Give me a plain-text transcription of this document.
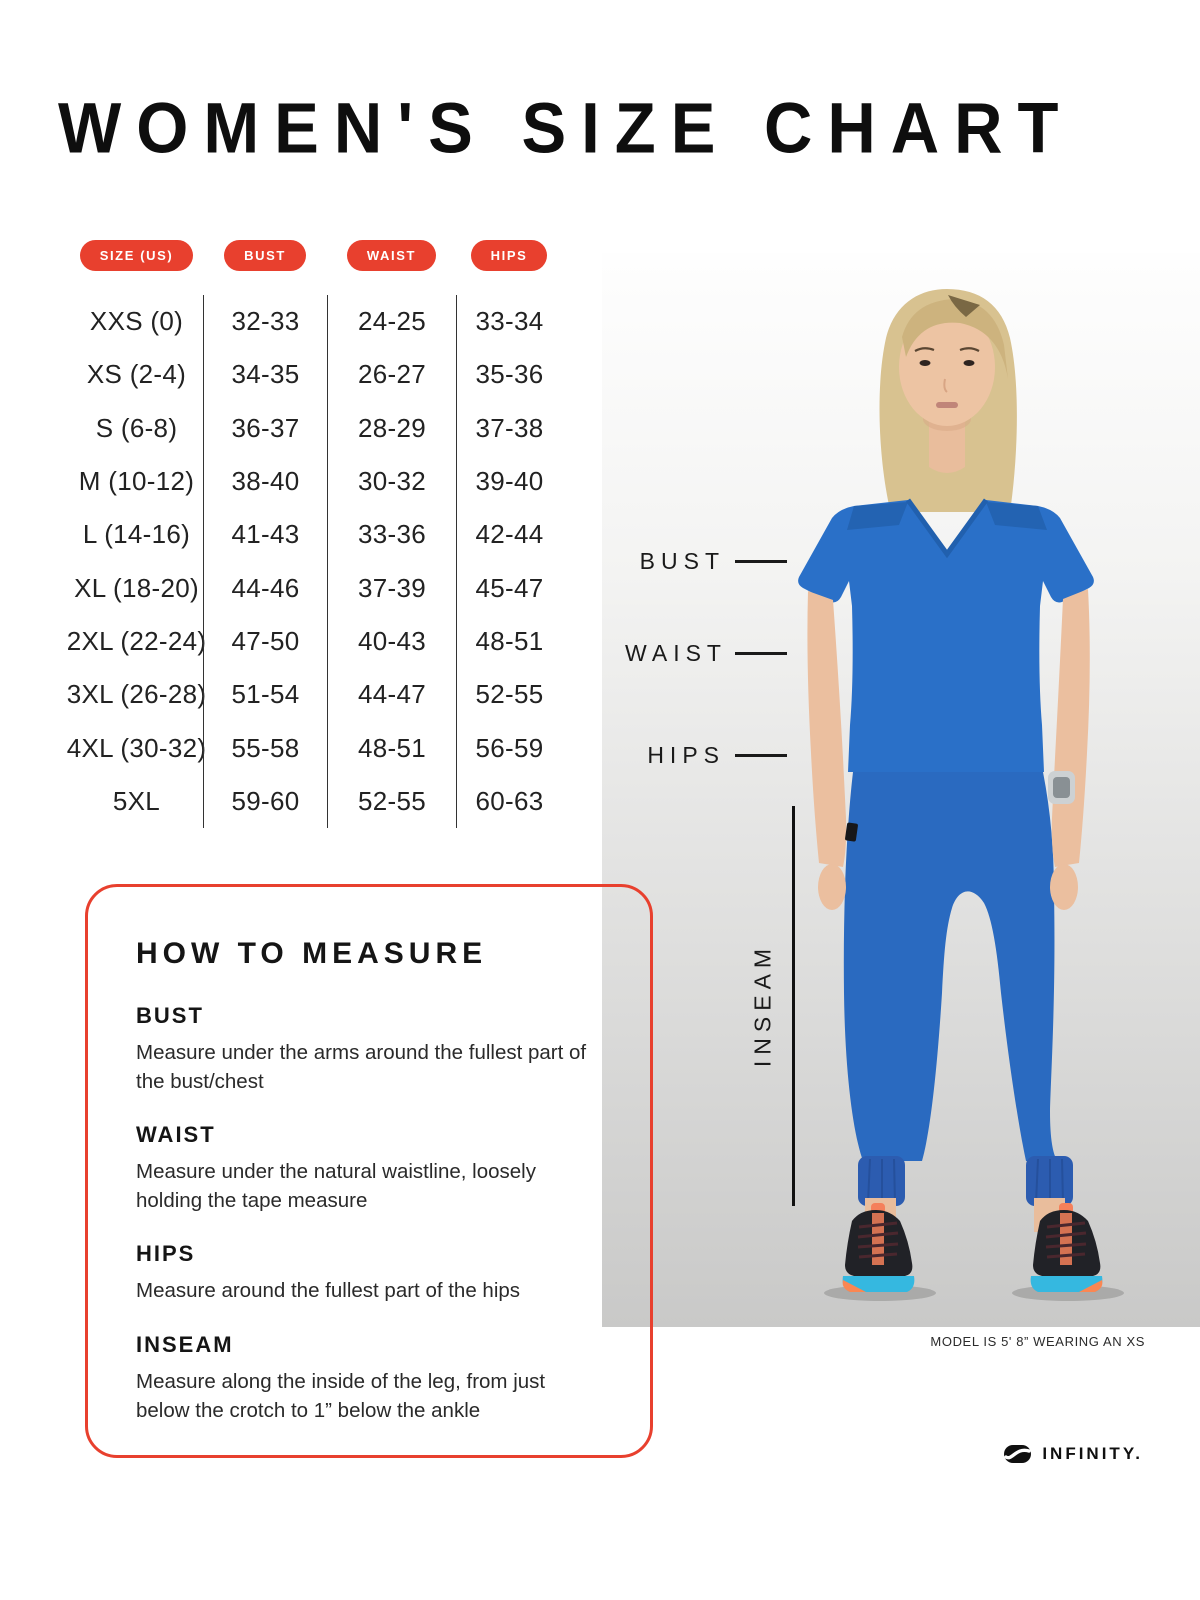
WOMEN'S SIZE CHART
SIZE (US)	BUST	WAIST	HIPS
XXS (0)	32-33	24-25	33-34
XS (2-4)	34-35	26-27	35-36
S (6-8)	36-37	28-29	37-38
M (10-12)	38-40	30-32	39-40
L (14-16)	41-43	33-36	42-44
XL (18-20)	44-46	37-39	45-47
2XL (22-24) 47-50	40-43	48-51
3XL (26-28) 51-54	44-47	52-55
4XL (30-32) 55-58	48-51	56-59
5XL	59-60	52-55	60-63
BUST
WAIST
HIPS
INSEAM
MODEL IS 5' 8” WEARING AN XS
HOW TO MEASURE
BUST
Measure under the arms around the fullest part of the bust/chest
WAIST
Measure under the natural waistline, loosely holding the tape measure
HIPS
Measure around the fullest part of the hips
INSEAM
Measure along the inside of the leg, from just below the crotch to 1” below the ankle
INFINITY.
